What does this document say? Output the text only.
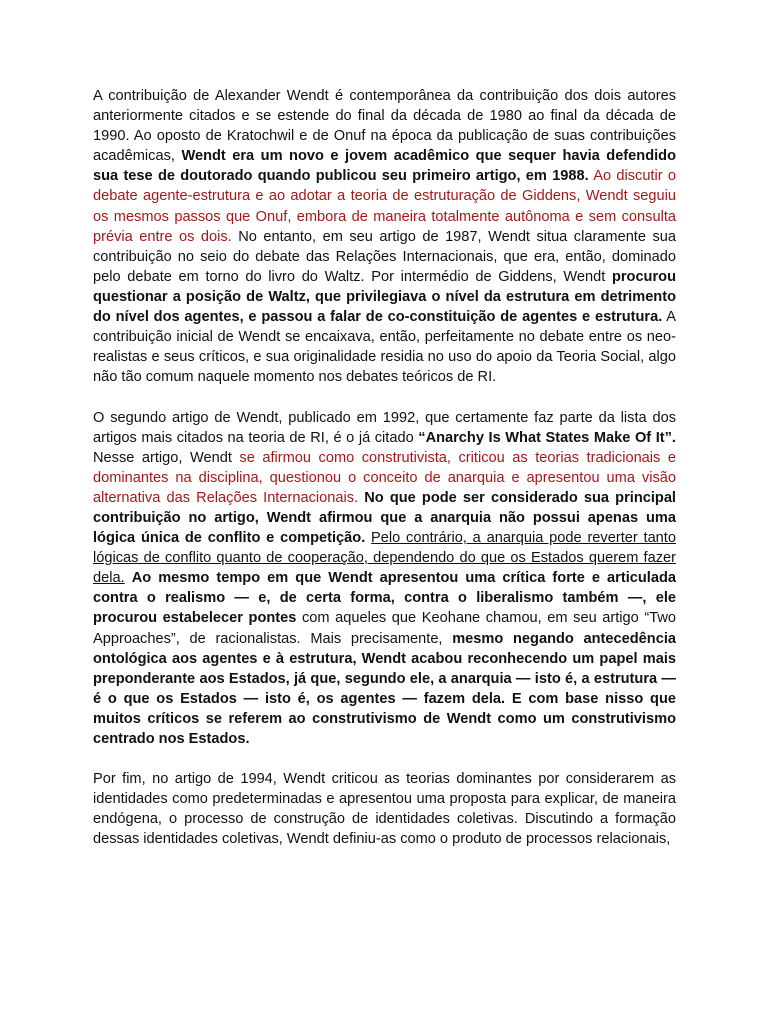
A contribuição de Alexander Wendt é contemporânea da contribuição dos dois autores anteriormente citados e se estende do final da década de 1980 ao final da década de 1990. Ao oposto de Kratochwil e de Onuf na época da publicação de suas contribuições acadêmicas, Wendt era um novo e jovem acadêmico que sequer havia defendido sua tese de doutorado quando publicou seu primeiro artigo, em 1988. Ao discutir o debate agente-estrutura e ao adotar a teoria de estruturação de Giddens, Wendt seguiu os mesmos passos que Onuf, embora de maneira totalmente autônoma e sem consulta prévia entre os dois. No entanto, em seu artigo de 1987, Wendt situa claramente sua contribuição no seio do debate das Relações Internacionais, que era, então, dominado pelo debate em torno do livro do Waltz. Por intermédio de Giddens, Wendt procurou questionar a posição de Waltz, que privilegiava o nível da estrutura em detrimento do nível dos agentes, e passou a falar de co-constituição de agentes e estrutura. A contribuição inicial de Wendt se encaixava, então, perfeitamente no debate entre os neo-realistas e seus críticos, e sua originalidade residia no uso do apoio da Teoria Social, algo não tão comum naquele momento nos debates teóricos de RI.

O segundo artigo de Wendt, publicado em 1992, que certamente faz parte da lista dos artigos mais citados na teoria de RI, é o já citado “Anarchy Is What States Make Of It”. Nesse artigo, Wendt se afirmou como construtivista, criticou as teorias tradicionais e dominantes na disciplina, questionou o conceito de anarquia e apresentou uma visão alternativa das Relações Internacionais. No que pode ser considerado sua principal contribuição no artigo, Wendt afirmou que a anarquia não possui apenas uma lógica única de conflito e competição. Pelo contrário, a anarquia pode reverter tanto lógicas de conflito quanto de cooperação, dependendo do que os Estados querem fazer dela. Ao mesmo tempo em que Wendt apresentou uma crítica forte e articulada contra o realismo — e, de certa forma, contra o liberalismo também —, ele procurou estabelecer pontes com aqueles que Keohane chamou, em seu artigo “Two Approaches”, de racionalistas. Mais precisamente, mesmo negando antecedência ontológica aos agentes e à estrutura, Wendt acabou reconhecendo um papel mais preponderante aos Estados, já que, segundo ele, a anarquia — isto é, a estrutura — é o que os Estados — isto é, os agentes — fazem dela. E com base nisso que muitos críticos se referem ao construtivismo de Wendt como um construtivismo centrado nos Estados.

Por fim, no artigo de 1994, Wendt criticou as teorias dominantes por considerarem as identidades como predeterminadas e apresentou uma proposta para explicar, de maneira endógena, o processo de construção de identidades coletivas. Discutindo a formação dessas identidades coletivas, Wendt definiu-as como o produto de processos relacionais,
